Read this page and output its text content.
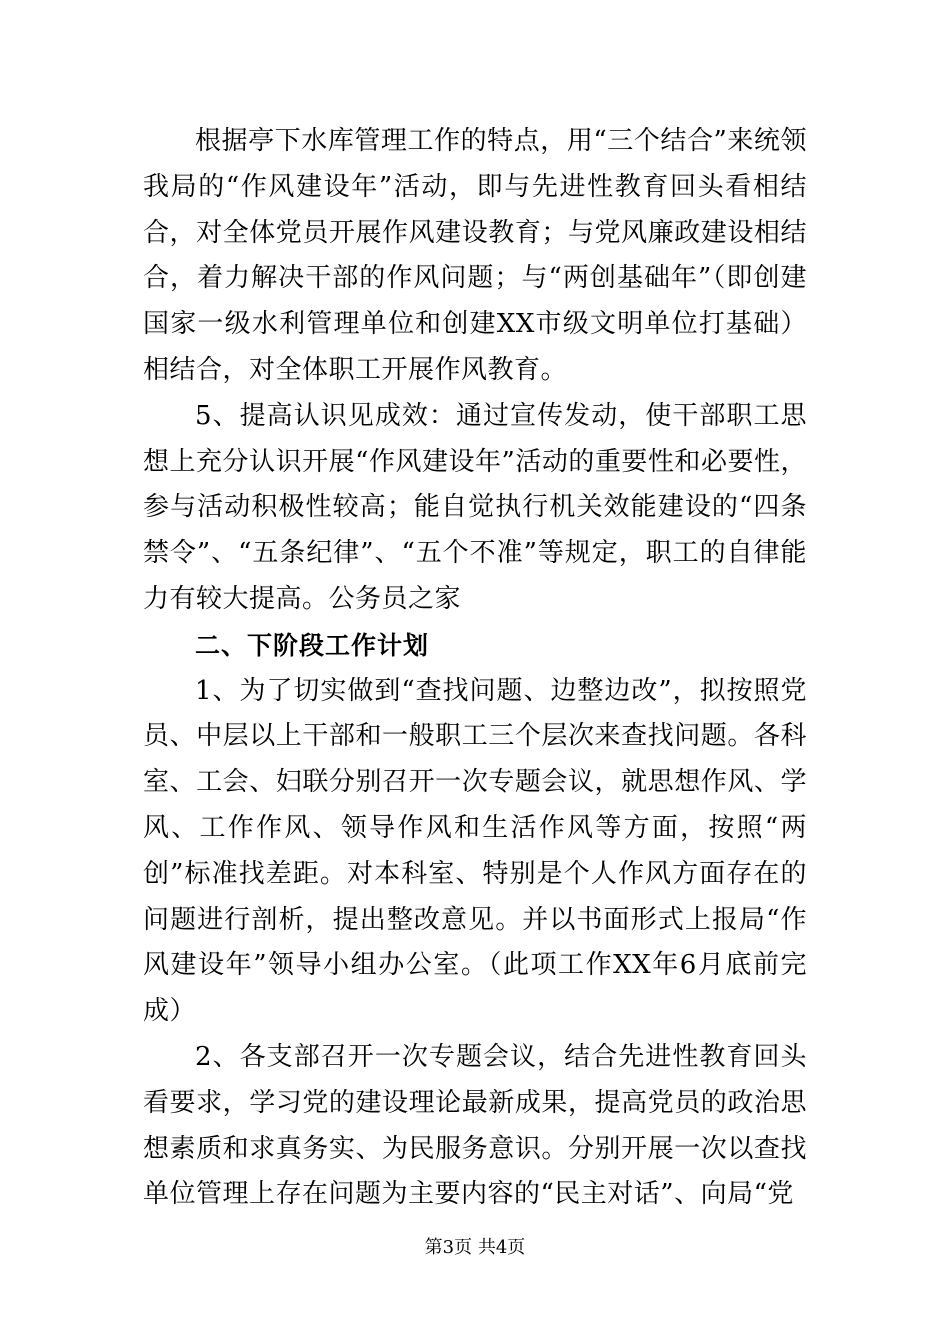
根据亭下水库管理工作的特点，用“三个结合”来统领我局的“作风建设年”活动，即与先进性教育回头看相结合，对全体党员开展作风建设教育；与党风廉政建设相结合，着力解决干部的作风问题；与“两创基础年”（即创建国家一级水利管理单位和创建XX市级文明单位打基础）相结合，对全体职工开展作风教育。

5、提高认识见成效：通过宣传发动，使干部职工思想上充分认识开展“作风建设年”活动的重要性和必要性，参与活动积极性较高；能自觉执行机关效能建设的“四条禁令”、“五条纪律”、“五个不准”等规定，职工的自律能力有较大提高。公务员之家

二、下阶段工作计划

1、为了切实做到“查找问题、边整边改”，拟按照党员、中层以上干部和一般职工三个层次来查找问题。各科室、工会、妇联分别召开一次专题会议，就思想作风、学风、工作作风、领导作风和生活作风等方面，按照“两创”标准找差距。对本科室、特别是个人作风方面存在的问题进行剖析，提出整改意见。并以书面形式上报局“作风建设年”领导小组办公室。（此项工作XX年6月底前完成）

2、各支部召开一次专题会议，结合先进性教育回头看要求，学习党的建设理论最新成果，提高党员的政治思想素质和求真务实、为民服务意识。分别开展一次以查找单位管理上存在问题为主要内容的“民主对话”、向局“党

第3页 共4页
